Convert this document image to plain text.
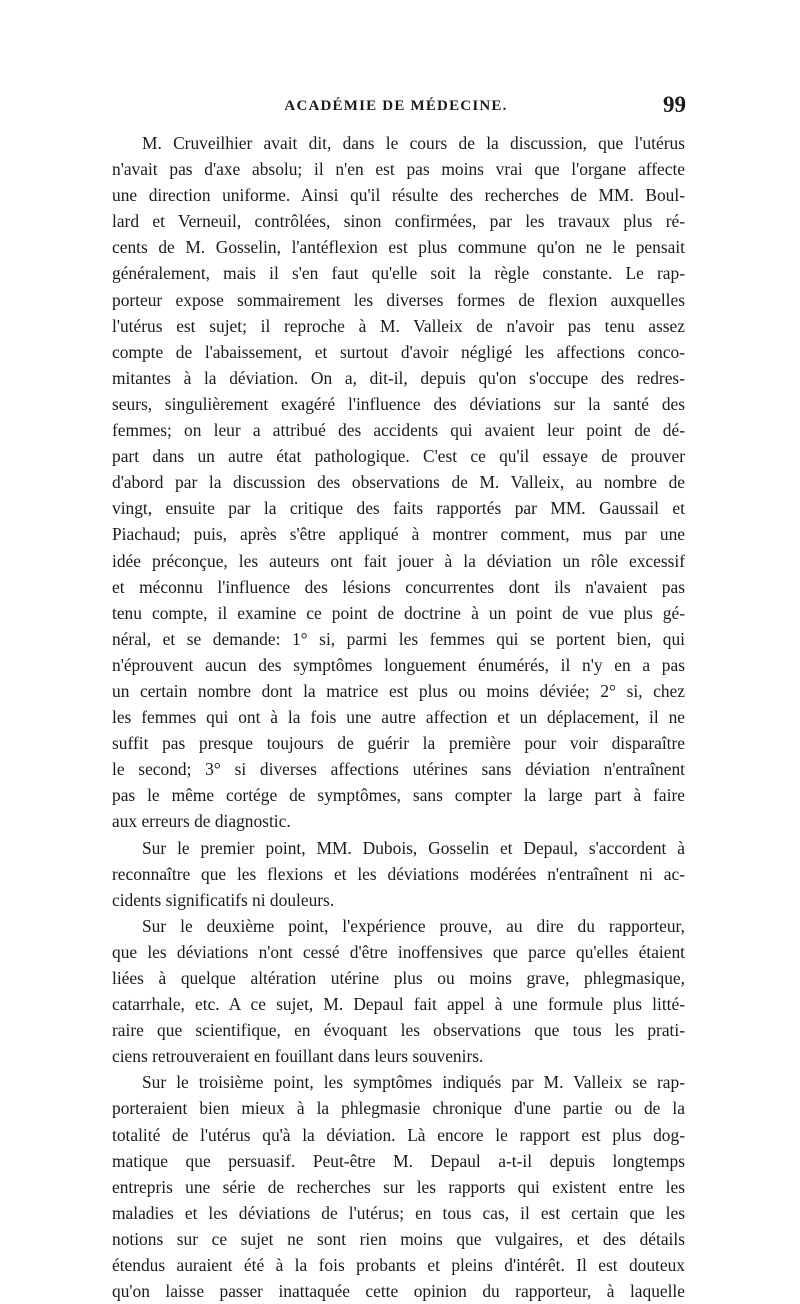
ACADÉMIE DE MÉDECINE.	99
M. Cruveilhier avait dit, dans le cours de la discussion, que l'utérus
n'avait pas d'axe absolu; il n'en est pas moins vrai que l'organe affecte
une direction uniforme. Ainsi qu'il résulte des recherches de MM. Boul-
lard et Verneuil, contrôlées, sinon confirmées, par les travaux plus ré-
cents de M. Gosselin, l'antéflexion est plus commune qu'on ne le pensait
généralement, mais il s'en faut qu'elle soit la règle constante. Le rap-
porteur expose sommairement les diverses formes de flexion auxquelles
l'utérus est sujet; il reproche à M. Valleix de n'avoir pas tenu assez
compte de l'abaissement, et surtout d'avoir négligé les affections conco-
mitantes à la déviation. On a, dit-il, depuis qu'on s'occupe des redres-
seurs, singulièrement exagéré l'influence des déviations sur la santé des
femmes; on leur a attribué des accidents qui avaient leur point de dé-
part dans un autre état pathologique. C'est ce qu'il essaye de prouver
d'abord par la discussion des observations de M. Valleix, au nombre de
vingt, ensuite par la critique des faits rapportés par MM. Gaussail et
Piachaud; puis, après s'être appliqué à montrer comment, mus par une
idée préconçue, les auteurs ont fait jouer à la déviation un rôle excessif
et méconnu l'influence des lésions concurrentes dont ils n'avaient pas
tenu compte, il examine ce point de doctrine à un point de vue plus gé-
néral, et se demande: 1° si, parmi les femmes qui se portent bien, qui
n'éprouvent aucun des symptômes longuement énumérés, il n'y en a pas
un certain nombre dont la matrice est plus ou moins déviée; 2° si, chez
les femmes qui ont à la fois une autre affection et un déplacement, il ne
suffit pas presque toujours de guérir la première pour voir disparaître
le second; 3° si diverses affections utérines sans déviation n'entraînent
pas le même cortége de symptômes, sans compter la large part à faire
aux erreurs de diagnostic.
Sur le premier point, MM. Dubois, Gosselin et Depaul, s'accordent à
reconnaître que les flexions et les déviations modérées n'entraînent ni ac-
cidents significatifs ni douleurs.
Sur le deuxième point, l'expérience prouve, au dire du rapporteur,
que les déviations n'ont cessé d'être inoffensives que parce qu'elles étaient
liées à quelque altération utérine plus ou moins grave, phlegmasique,
catarrhale, etc. A ce sujet, M. Depaul fait appel à une formule plus litté-
raire que scientifique, en évoquant les observations que tous les prati-
ciens retrouveraient en fouillant dans leurs souvenirs.
Sur le troisième point, les symptômes indiqués par M. Valleix se rap-
porteraient bien mieux à la phlegmasie chronique d'une partie ou de la
totalité de l'utérus qu'à la déviation. Là encore le rapport est plus dog-
matique que persuasif. Peut-être M. Depaul a-t-il depuis longtemps
entrepris une série de recherches sur les rapports qui existent entre les
maladies et les déviations de l'utérus; en tous cas, il est certain que les
notions sur ce sujet ne sont rien moins que vulgaires, et des détails
étendus auraient été à la fois probants et pleins d'intérêt. Il est douteux
qu'on laisse passer inattaquée cette opinion du rapporteur, à laquelle
